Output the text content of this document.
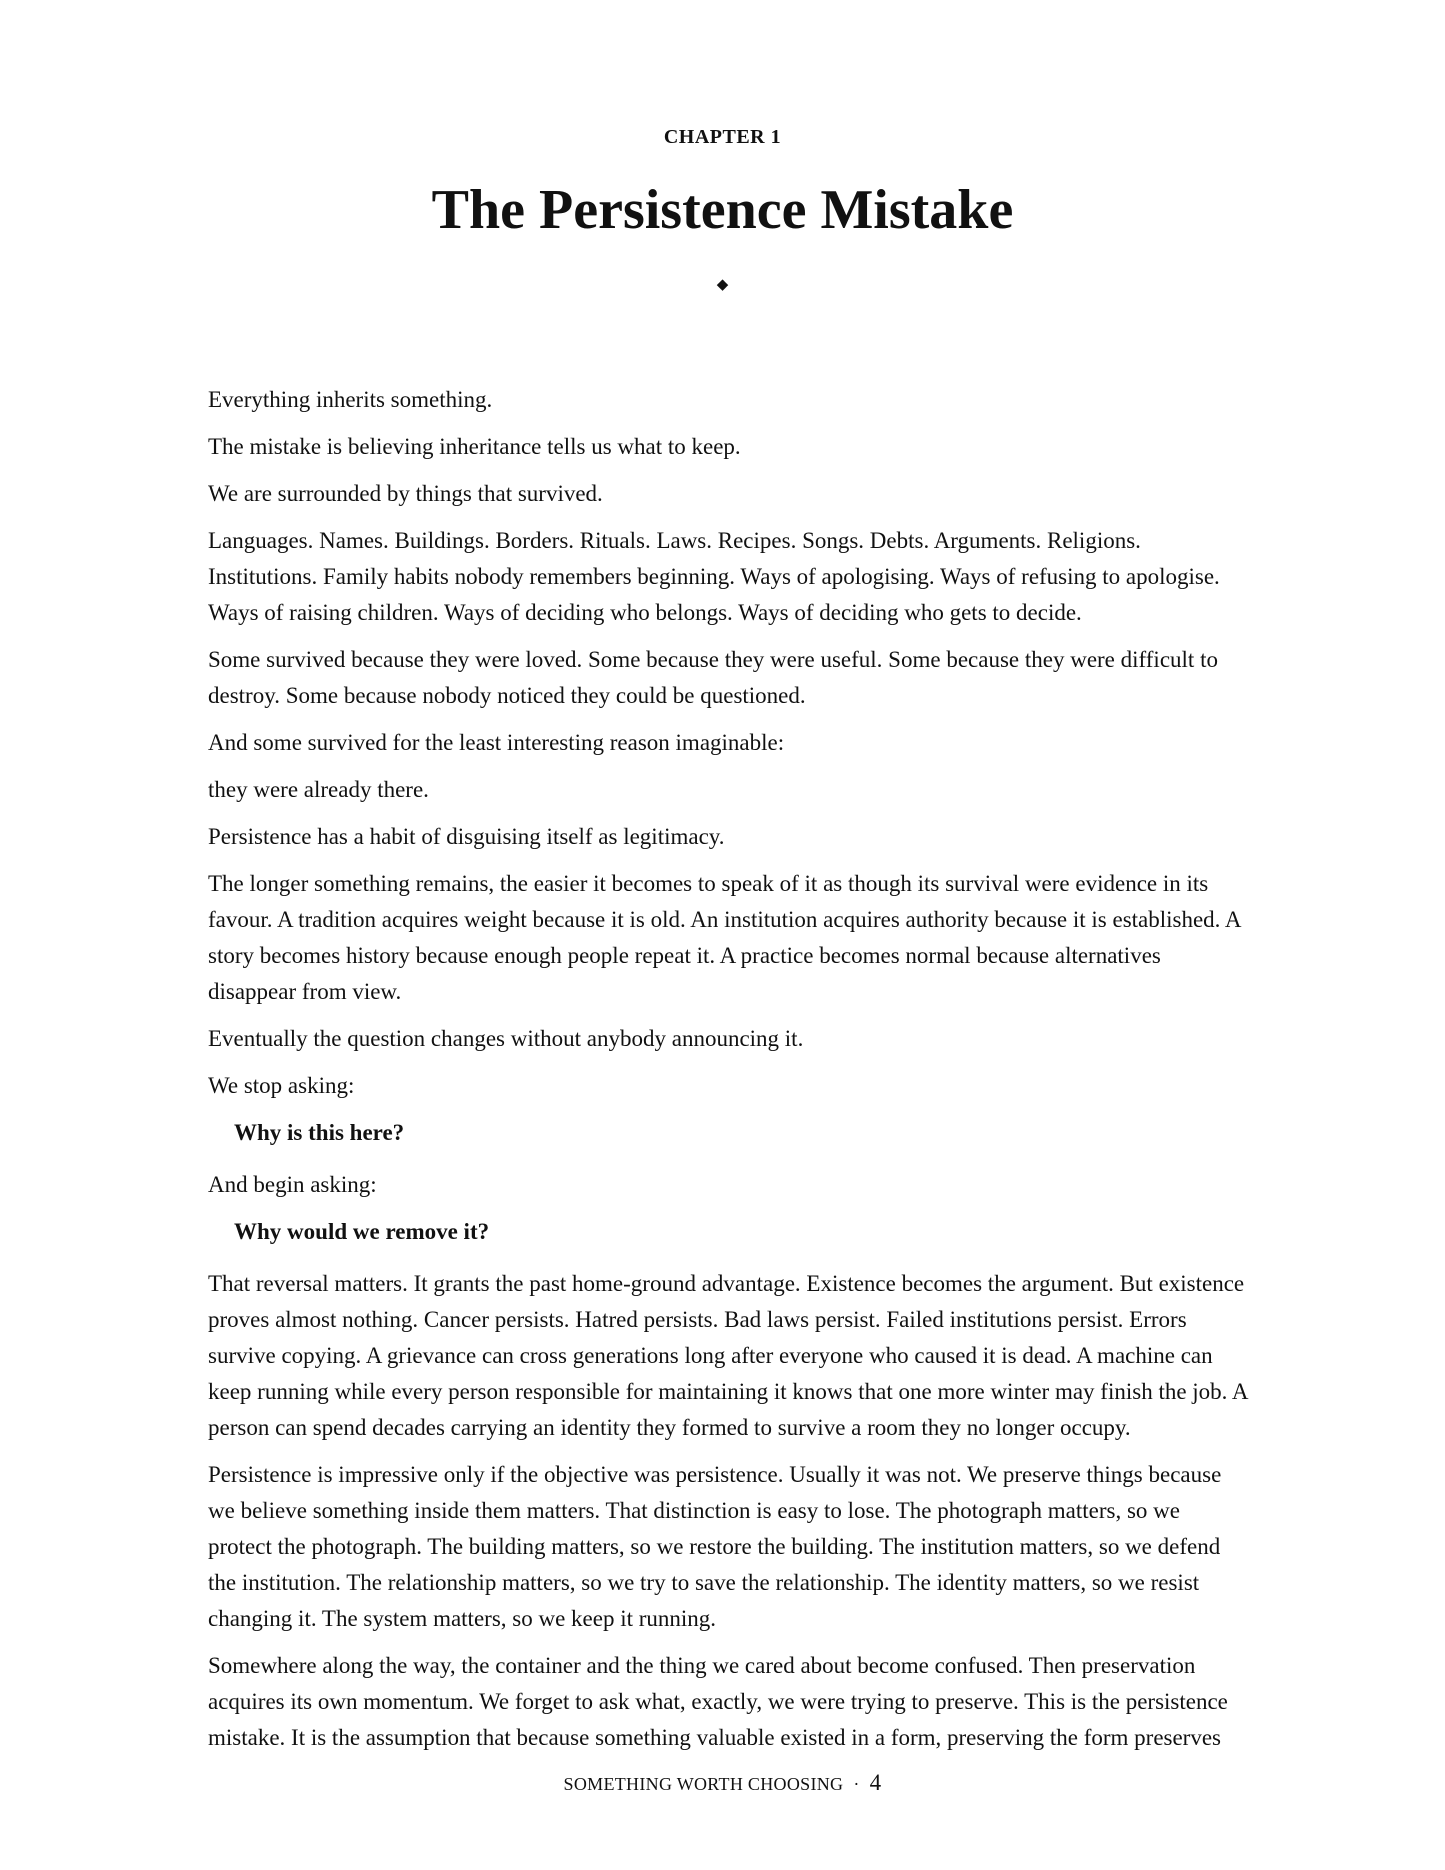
CHAPTER 1
The Persistence Mistake
◆

Everything inherits something.

The mistake is believing inheritance tells us what to keep.

We are surrounded by things that survived.

Languages. Names. Buildings. Borders. Rituals. Laws. Recipes. Songs. Debts. Arguments. Religions. Institutions. Family habits nobody remembers beginning. Ways of apologising. Ways of refusing to apologise. Ways of raising children. Ways of deciding who belongs. Ways of deciding who gets to decide.

Some survived because they were loved. Some because they were useful. Some because they were difficult to destroy. Some because nobody noticed they could be questioned.

And some survived for the least interesting reason imaginable:

they were already there.

Persistence has a habit of disguising itself as legitimacy.

The longer something remains, the easier it becomes to speak of it as though its survival were evidence in its favour. A tradition acquires weight because it is old. An institution acquires authority because it is established. A story becomes history because enough people repeat it. A practice becomes normal because alternatives disappear from view.

Eventually the question changes without anybody announcing it.

We stop asking:

Why is this here?

And begin asking:

Why would we remove it?

That reversal matters. It grants the past home-ground advantage. Existence becomes the argument. But existence proves almost nothing. Cancer persists. Hatred persists. Bad laws persist. Failed institutions persist. Errors survive copying. A grievance can cross generations long after everyone who caused it is dead. A machine can keep running while every person responsible for maintaining it knows that one more winter may finish the job. A person can spend decades carrying an identity they formed to survive a room they no longer occupy.

Persistence is impressive only if the objective was persistence. Usually it was not. We preserve things because we believe something inside them matters. That distinction is easy to lose. The photograph matters, so we protect the photograph. The building matters, so we restore the building. The institution matters, so we defend the institution. The relationship matters, so we try to save the relationship. The identity matters, so we resist changing it. The system matters, so we keep it running.

Somewhere along the way, the container and the thing we cared about become confused. Then preservation acquires its own momentum. We forget to ask what, exactly, we were trying to preserve. This is the persistence mistake. It is the assumption that because something valuable existed in a form, preserving the form preserves

SOMETHING WORTH CHOOSING · 4
